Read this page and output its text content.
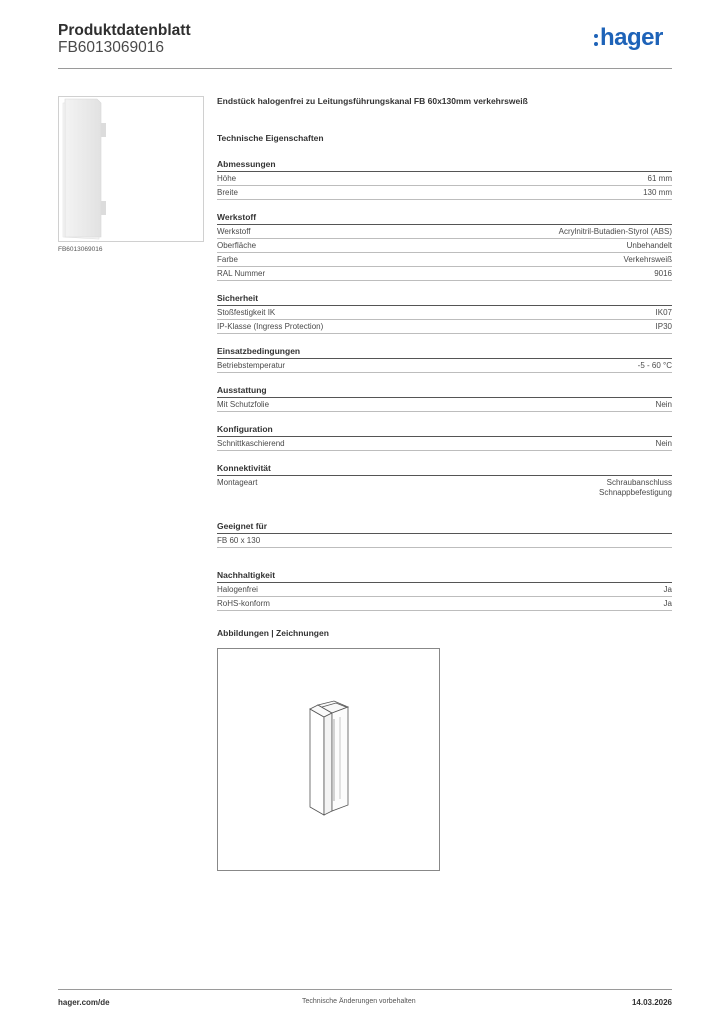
Produktdatenblatt
FB6013069016	hager
FB6013069016
Endstück halogenfrei zu Leitungsführungskanal FB 60x130mm verkehrsweiß
Technische Eigenschaften
Abmessungen
Höhe	61 mm
Breite	130 mm
Werkstoff
Werkstoff	Acrylnitril-Butadien-Styrol (ABS)
Oberfläche	Unbehandelt
Farbe	Verkehrsweiß
RAL Nummer	9016
Sicherheit
Stoßfestigkeit IK	IK07
IP-Klasse (Ingress Protection)	IP30
Einsatzbedingungen
Betriebstemperatur	-5 - 60 °C
Ausstattung
Mit Schutzfolie	Nein
Konfiguration
Schnittkaschierend	Nein
Konnektivität
Montageart	Schraubanschluss
Schnappbefestigung
Geeignet für
FB 60 x 130
Nachhaltigkeit
Halogenfrei	Ja
RoHS-konform	Ja
Abbildungen | Zeichnungen
hager.com/de	Technische Änderungen vorbehalten	14.03.2026
